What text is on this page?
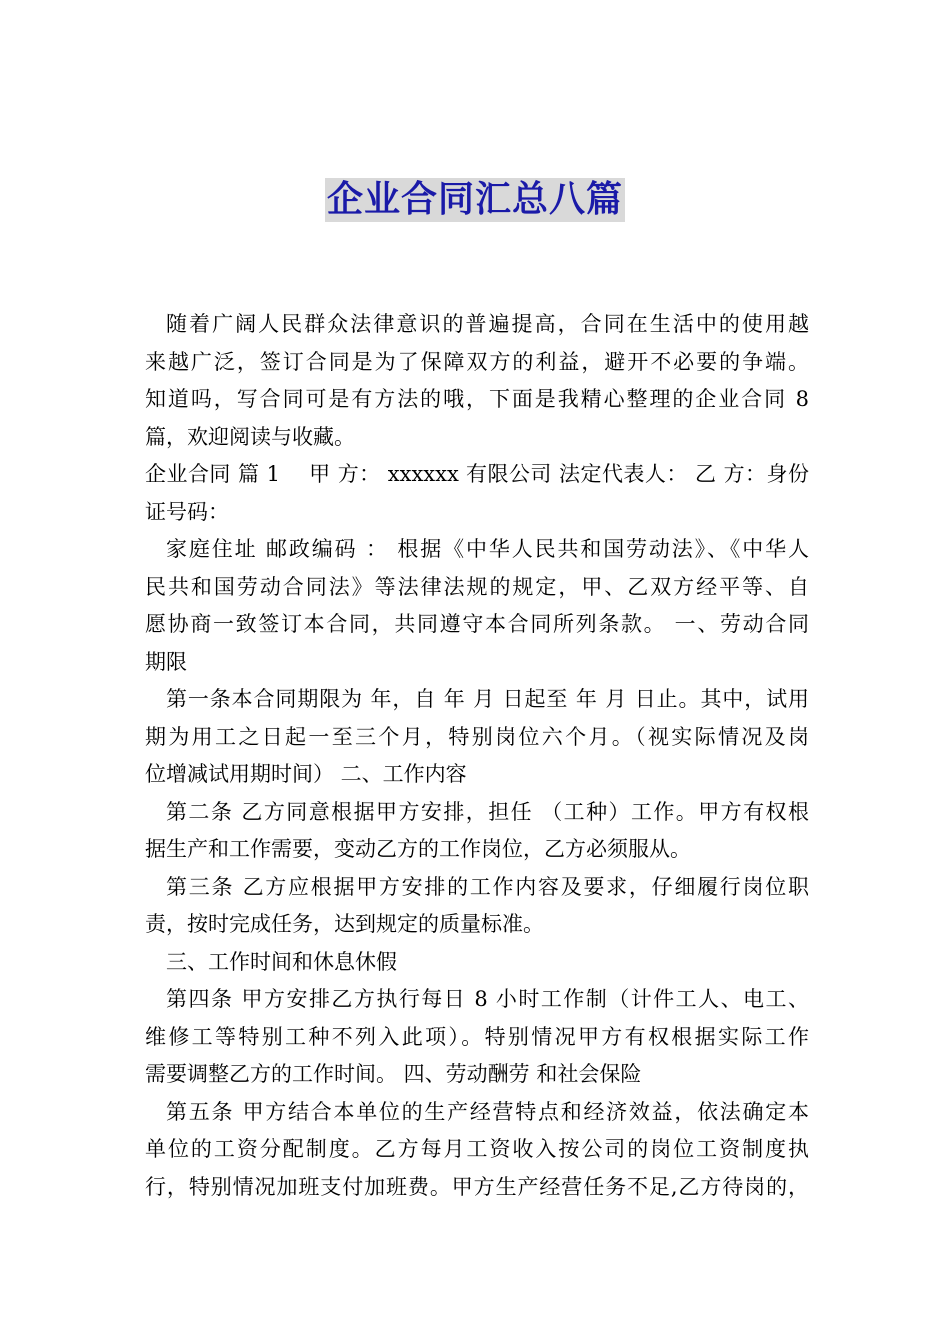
企业合同汇总八篇
随着广阔人民群众法律意识的普遍提高，合同在生活中的使用越
来越广泛，签订合同是为了保障双方的利益，避开不必要的争端。
知道吗，写合同可是有方法的哦，下面是我精心整理的企业合同 8
篇，欢迎阅读与收藏。
企业合同 篇 1　 甲 方： xxxxxx 有限公司 法定代表人： 乙 方：身份
证号码：
家庭住址 邮政编码 ： 根据《中华人民共和国劳动法》、《中华人
民共和国劳动合同法》等法律法规的规定，甲、乙双方经平等、自
愿协商一致签订本合同，共同遵守本合同所列条款。 一、劳动合同
期限
第一条本合同期限为 年，自 年 月 日起至 年 月 日止。其中，试用
期为用工之日起一至三个月，特别岗位六个月。（视实际情况及岗
位增减试用期时间） 二、工作内容
第二条 乙方同意根据甲方安排，担任 （工种）工作。甲方有权根
据生产和工作需要，变动乙方的工作岗位，乙方必须服从。
第三条 乙方应根据甲方安排的工作内容及要求，仔细履行岗位职
责，按时完成任务，达到规定的质量标准。
三、工作时间和休息休假
第四条 甲方安排乙方执行每日 8 小时工作制（计件工人、电工、
维修工等特别工种不列入此项）。特别情况甲方有权根据实际工作
需要调整乙方的工作时间。 四、劳动酬劳 和社会保险
第五条 甲方结合本单位的生产经营特点和经济效益，依法确定本
单位的工资分配制度。乙方每月工资收入按公司的岗位工资制度执
行，特别情况加班支付加班费。甲方生产经营任务不足,乙方待岗的，
